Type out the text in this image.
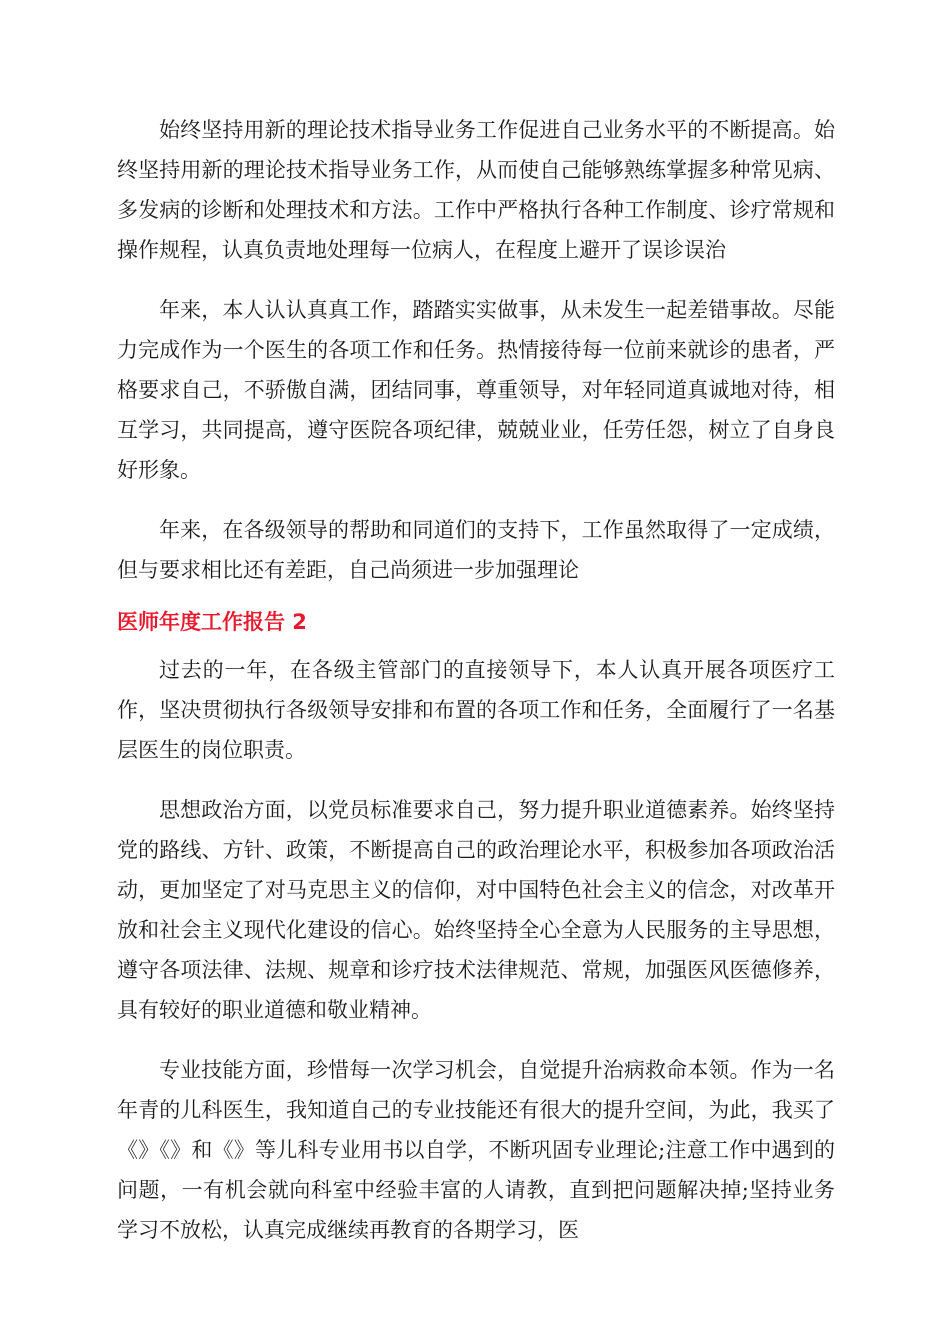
始终坚持用新的理论技术指导业务工作促进自己业务水平的不断提高。始终坚持用新的理论技术指导业务工作，从而使自己能够熟练掌握多种常见病、多发病的诊断和处理技术和方法。工作中严格执行各种工作制度、诊疗常规和操作规程，认真负责地处理每一位病人，在程度上避开了误诊误治

年来，本人认认真真工作，踏踏实实做事，从未发生一起差错事故。尽能力完成作为一个医生的各项工作和任务。热情接待每一位前来就诊的患者，严格要求自己，不骄傲自满，团结同事，尊重领导，对年轻同道真诚地对待，相互学习，共同提高，遵守医院各项纪律，兢兢业业，任劳任怨，树立了自身良好形象。

年来，在各级领导的帮助和同道们的支持下，工作虽然取得了一定成绩，但与要求相比还有差距，自己尚须进一步加强理论

医师年度工作报告 2

过去的一年，在各级主管部门的直接领导下，本人认真开展各项医疗工作，坚决贯彻执行各级领导安排和布置的各项工作和任务，全面履行了一名基层医生的岗位职责。

思想政治方面，以党员标准要求自己，努力提升职业道德素养。始终坚持党的路线、方针、政策，不断提高自己的政治理论水平，积极参加各项政治活动，更加坚定了对马克思主义的信仰，对中国特色社会主义的信念，对改革开放和社会主义现代化建设的信心。始终坚持全心全意为人民服务的主导思想，遵守各项法律、法规、规章和诊疗技术法律规范、常规，加强医风医德修养，具有较好的职业道德和敬业精神。

专业技能方面，珍惜每一次学习机会，自觉提升治病救命本领。作为一名年青的儿科医生，我知道自己的专业技能还有很大的提升空间，为此，我买了《》《》和《》等儿科专业用书以自学，不断巩固专业理论;注意工作中遇到的问题，一有机会就向科室中经验丰富的人请教，直到把问题解决掉;坚持业务学习不放松，认真完成继续再教育的各期学习，医
